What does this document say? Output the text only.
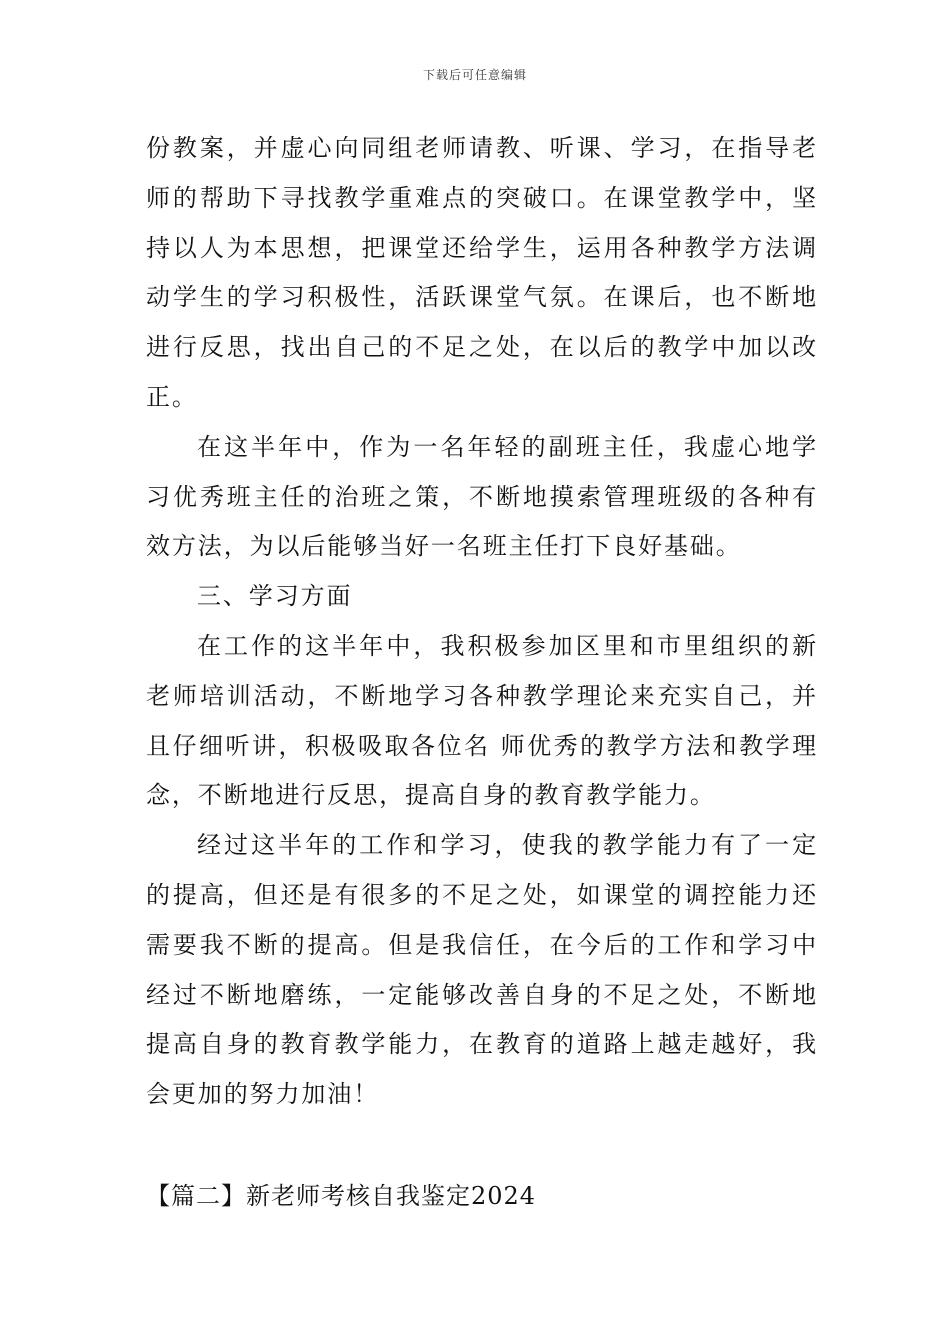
下载后可任意编辑

份教案，并虚心向同组老师请教、听课、学习，在指导老师的帮助下寻找教学重难点的突破口。在课堂教学中，坚持以人为本思想，把课堂还给学生，运用各种教学方法调动学生的学习积极性，活跃课堂气氛。在课后，也不断地进行反思，找出自己的不足之处，在以后的教学中加以改正。

在这半年中，作为一名年轻的副班主任，我虚心地学习优秀班主任的治班之策，不断地摸索管理班级的各种有效方法，为以后能够当好一名班主任打下良好基础。

三、学习方面

在工作的这半年中，我积极参加区里和市里组织的新老师培训活动，不断地学习各种教学理论来充实自己，并且仔细听讲，积极吸取各位名 师优秀的教学方法和教学理念，不断地进行反思，提高自身的教育教学能力。

经过这半年的工作和学习，使我的教学能力有了一定的提高，但还是有很多的不足之处，如课堂的调控能力还需要我不断的提高。但是我信任，在今后的工作和学习中经过不断地磨练，一定能够改善自身的不足之处，不断地提高自身的教育教学能力，在教育的道路上越走越好，我会更加的努力加油！

【篇二】新老师考核自我鉴定2024
